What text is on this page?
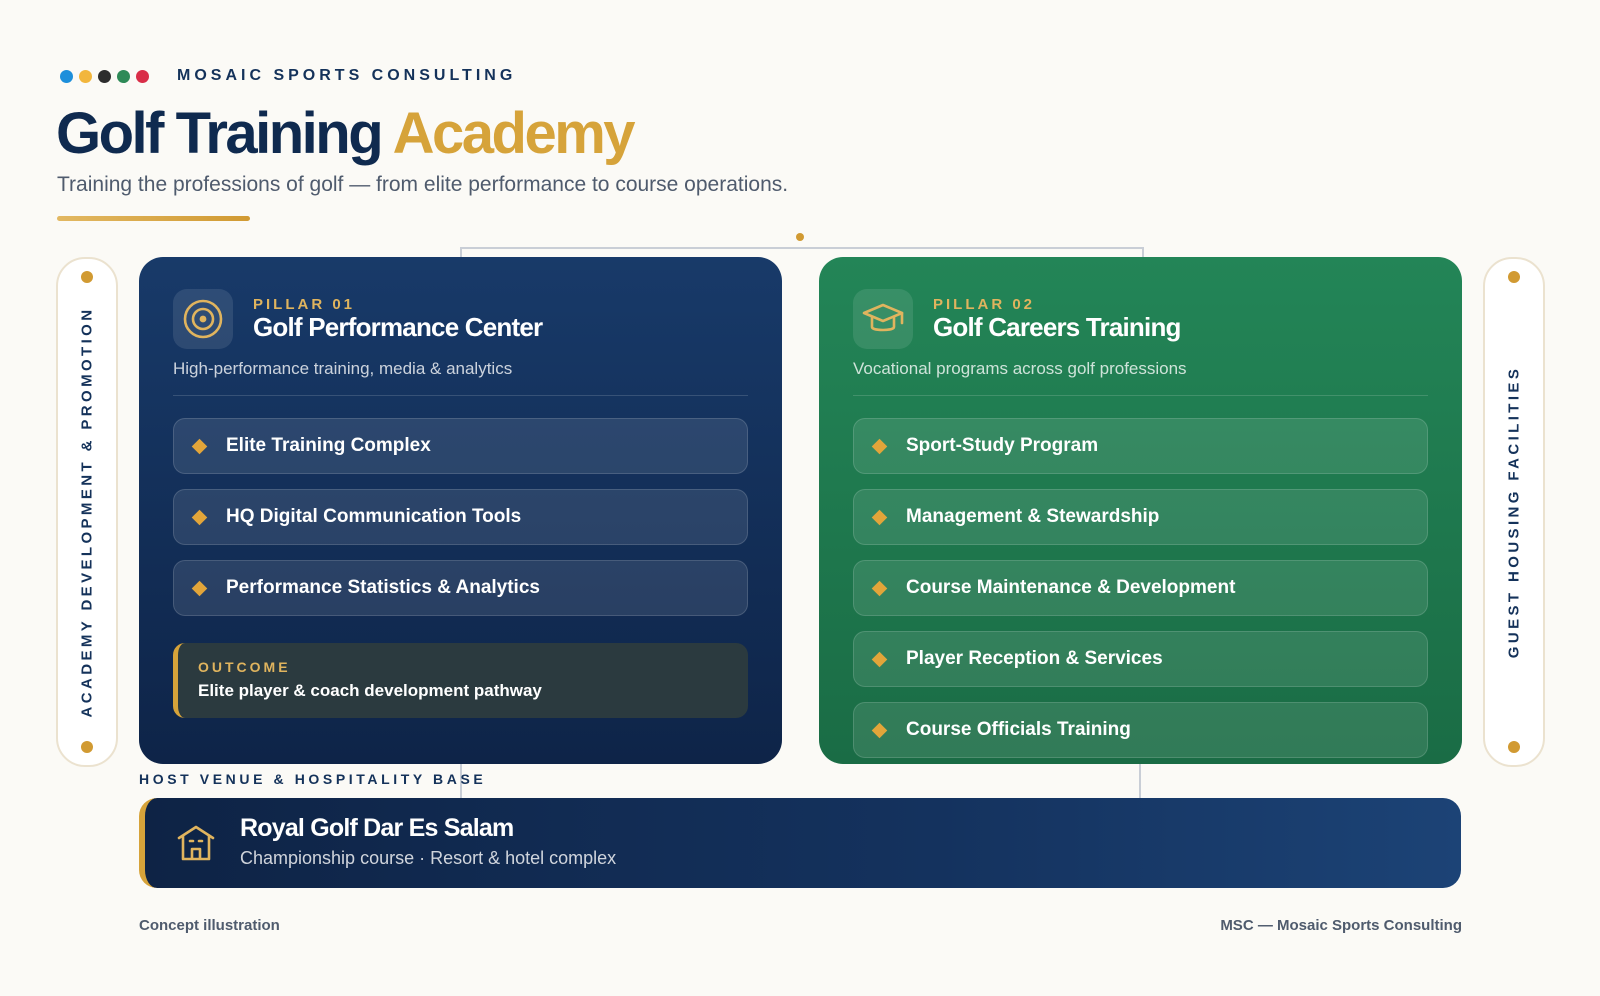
MOSAIC SPORTS CONSULTING
Golf Training Academy
Training the professions of golf — from elite performance to course operations.
ACADEMY DEVELOPMENT & PROMOTION	GUEST HOUSING FACILITIES
PILLAR 01
Golf Performance Center
High-performance training, media & analytics
Elite Training Complex
HQ Digital Communication Tools
Performance Statistics & Analytics
OUTCOME
Elite player & coach development pathway
PILLAR 02
Golf Careers Training
Vocational programs across golf professions
Sport-Study Program
Management & Stewardship
Course Maintenance & Development
Player Reception & Services
Course Officials Training
HOST VENUE & HOSPITALITY BASE
Royal Golf Dar Es Salam
Championship course · Resort & hotel complex
Concept illustration	MSC — Mosaic Sports Consulting
